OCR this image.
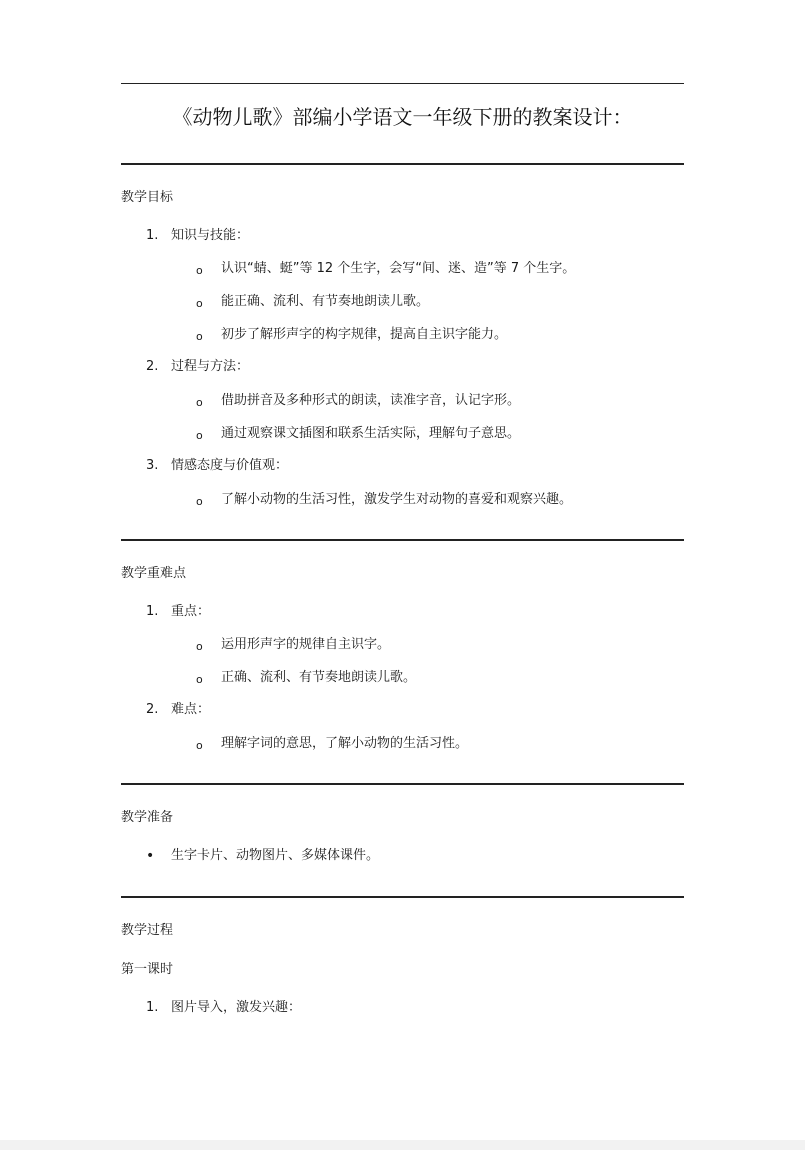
《动物儿歌》部编小学语文一年级下册的教案设计：
教学目标
1. 知识与技能：
o 认识“蜻、蜓”等 12 个生字，会写“间、迷、造”等 7 个生字。
o 能正确、流利、有节奏地朗读儿歌。
o 初步了解形声字的构字规律，提高自主识字能力。
2. 过程与方法：
o 借助拼音及多种形式的朗读，读准字音，认记字形。
o 通过观察课文插图和联系生活实际，理解句子意思。
3. 情感态度与价值观：
o 了解小动物的生活习性，激发学生对动物的喜爱和观察兴趣。
教学重难点
1. 重点：
o 运用形声字的规律自主识字。
o 正确、流利、有节奏地朗读儿歌。
2. 难点：
o 理解字词的意思，了解小动物的生活习性。
教学准备
• 生字卡片、动物图片、多媒体课件。
教学过程
第一课时
1. 图片导入，激发兴趣：
